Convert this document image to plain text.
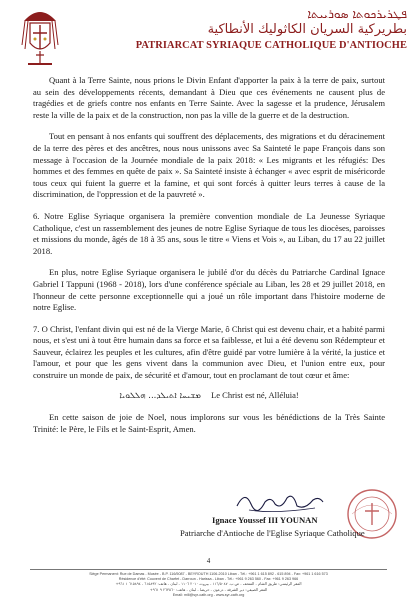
ܦܛܪܝܪܟܘܬܐ ܣܘܪܝܝܬܐ
بطريركية السريان الكاثوليك الأنطاكية
PATRIARCAT SYRIAQUE CATHOLIQUE D'ANTIOCHE

Quant à la Terre Sainte, nous prions le Divin Enfant d'apporter la paix à la terre de paix, surtout au sein des développements récents, demandant à Dieu que ces événements ne causent plus de tragédies et de griefs contre nos enfants en Terre Sainte. Avec la sagesse et la prudence, Jérusalem reste la ville de la paix et de la construction, non pas la ville de la guerre et de la destruction.

Tout en pensant à nos enfants qui souffrent des déplacements, des migrations et du déracinement de la terre des pères et des ancêtres, nous nous unissons avec Sa Sainteté le pape François dans son message à l'occasion de la Journée mondiale de la paix 2018: « Les migrants et les réfugiés: Des hommes et des femmes en quête de paix ». Sa Sainteté insiste à échanger « avec esprit de miséricorde tous ceux qui fuient la guerre et la famine, et qui sont forcés à quitter leurs terres à cause de la discrimination, de l'oppression et de la pauvreté ».

6. Notre Eglise Syriaque organisera la première convention mondiale de La Jeunesse Syriaque Catholique, c'est un rassemblement des jeunes de notre Eglise Syriaque de tous les diocèses, paroisses et missions du monde, âgés de 18 à 35 ans, sous le titre « Viens et Vois », au Liban, du 17 au 22 juillet 2018.

En plus, notre Eglise Syriaque organisera le jubilé d'or du décès du Patriarche Cardinal Ignace Gabriel I Tappuni (1968 - 2018), lors d'une conférence spéciale au Liban, les 28 et 29 juillet 2018, en l'honneur de cette personne exceptionnelle qui a joué un rôle important dans l'histoire moderne de notre Eglise.

7. O Christ, l'enfant divin qui est né de la Vierge Marie, ô Christ qui est devenu chair, et a habité parmi nous, et s'est uni à tout être humain dans sa force et sa faiblesse, et lui a été devenu son Rédempteur et Sauveur, éclairez les peuples et les cultures, afin d'être guidé par votre lumière à la vérité, la justice et l'amour, et pour que les gens vivent dans la communion avec Dieu, et l'union entre eux, pour construire un monde de paix, de sécurité et d'amour, tout en proclamant de tout cœur et âme:

ܡܫܝܚܐ ܐܬܝܠܕ... ܗܠܠܘܝܐ Le Christ est né, Alléluia!

En cette saison de joie de Noel, nous implorons sur vous les bénédictions de la Très Sainte Trinité: le Père, le Fils et le Saint-Esprit, Amen.

Ignace Youssef III YOUNAN
Patriarche d'Antioche de l'Eglise Syriaque Catholique
4
Siège Permanent: Rue de Damas - Musée - B.P. 116/5087 - BEYROUTH 1106-2010 Liban - Tél.: +961 1 615 892 - 615 894 - Fax: +961 1 616 573
Résidence d'été: Couvent de Charfet - Darroun - Harissa - Liban - Tél.: +961 9 263 560 - Fax: +961 9 263 966
المقر الرئيسي: طريق الشام - المتحف - ص.ب. ١١٦/٥٠٨٧ - بيروت ٢٠١٠ ١١٠٦ - لبنان - هاتف: ٦١٥٨٩٢ - ٦١٥٨٩٤ ١ ٩٦١+
المقر الصيفي: دير الشرفة - درعون - حريصا - لبنان - هاتف: ٢٦٣٥٦٠ ٩ ٩٦١+
Email: mili@syr-cath.org - www.syr-cath.org
